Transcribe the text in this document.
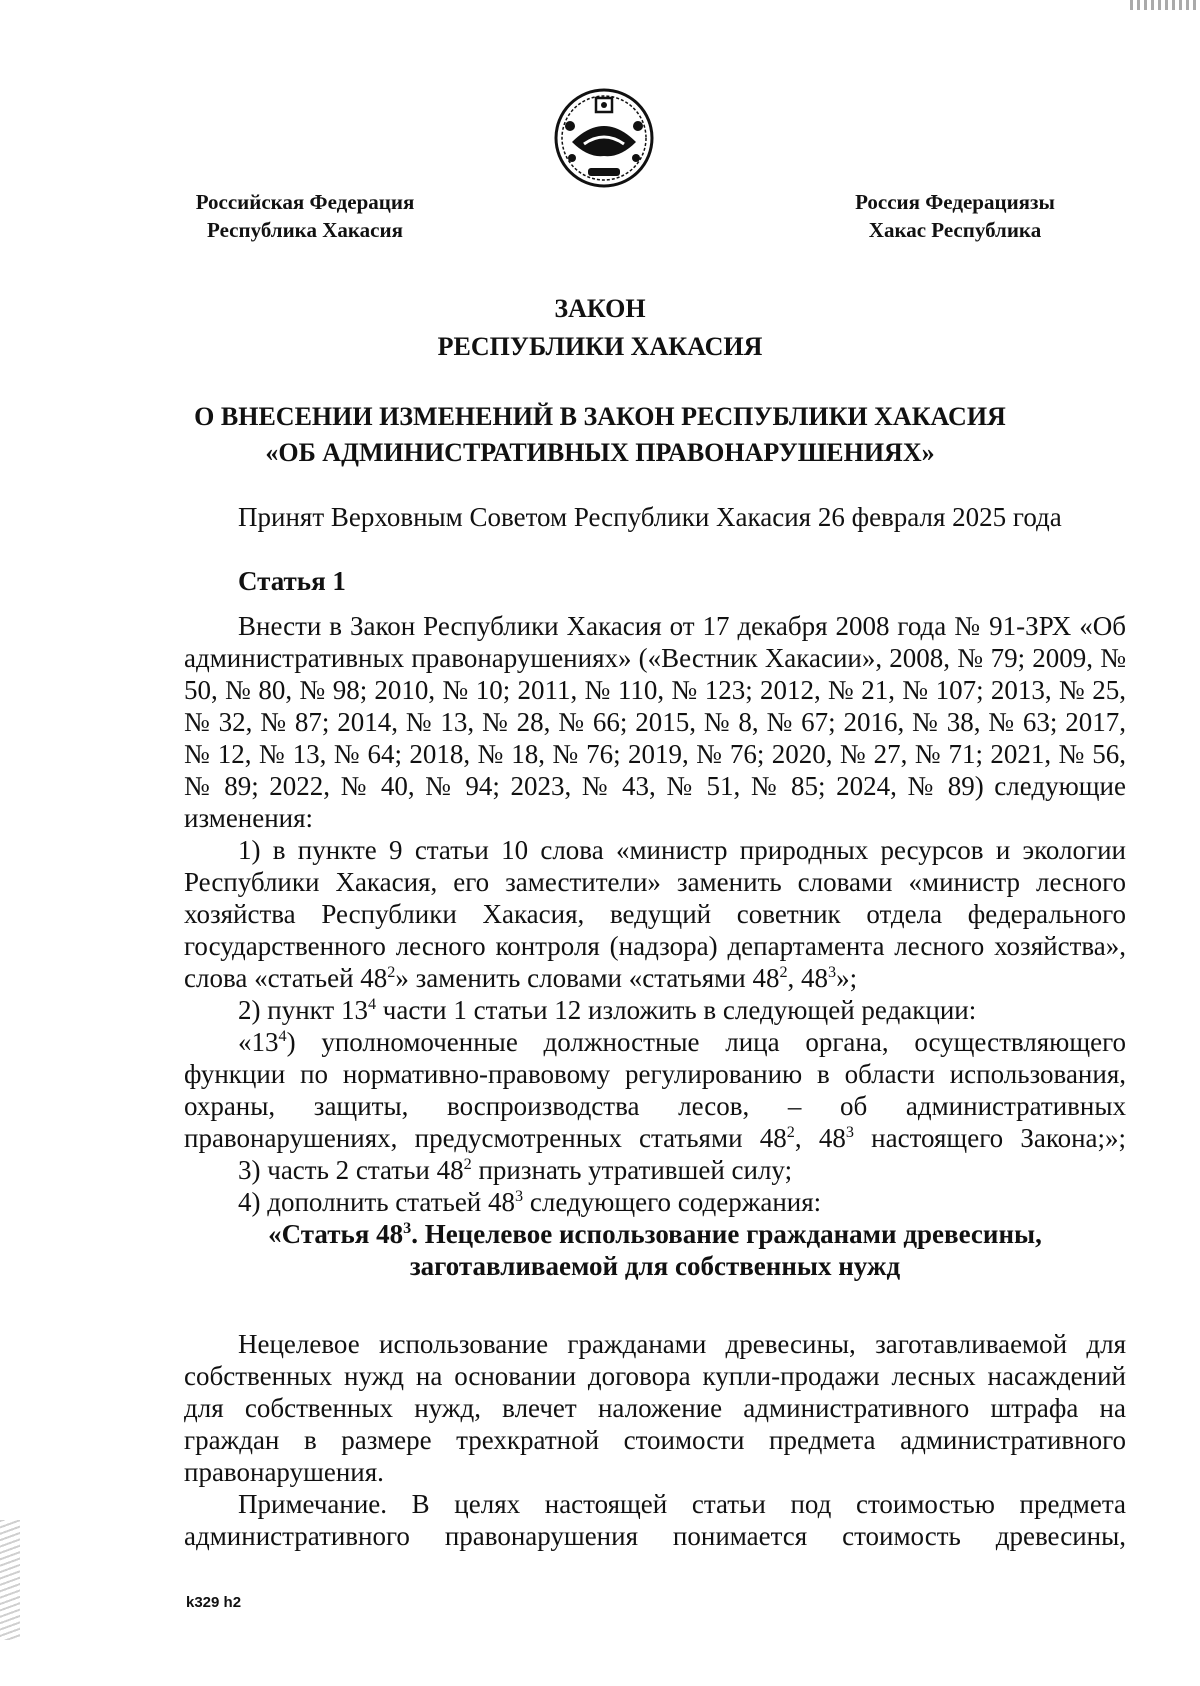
Российская Федерация
Республика Хакасия
Россия Федерациязы
Хакас Республика
ЗАКОН
РЕСПУБЛИКИ ХАКАСИЯ
О ВНЕСЕНИИ ИЗМЕНЕНИЙ В ЗАКОН РЕСПУБЛИКИ ХАКАСИЯ
«ОБ АДМИНИСТРАТИВНЫХ ПРАВОНАРУШЕНИЯХ»
Принят Верховным Советом Республики Хакасия 26 февраля 2025 года
Статья 1

Внести в Закон Республики Хакасия от 17 декабря 2008 года № 91-ЗРХ «Об административных правонарушениях» («Вестник Хакасии», 2008, № 79; 2009, № 50, № 80, № 98; 2010, № 10; 2011, № 110, № 123; 2012, № 21, № 107; 2013, № 25, № 32, № 87; 2014, № 13, № 28, № 66; 2015, № 8, № 67; 2016, № 38, № 63; 2017, № 12, № 13, № 64; 2018, № 18, № 76; 2019, № 76; 2020, № 27, № 71; 2021, № 56, № 89; 2022, № 40, № 94; 2023, № 43, № 51, № 85; 2024, № 89) следующие изменения:

1) в пункте 9 статьи 10 слова «министр природных ресурсов и экологии Республики Хакасия, его заместители» заменить словами «министр лесного хозяйства Республики Хакасия, ведущий советник отдела федерального государственного лесного контроля (надзора) департамента лесного хозяйства», слова «статьей $48^2$» заменить словами «статьями $48^2$, $48^3$»;

2) пункт $13^4$ части 1 статьи 12 изложить в следующей редакции:

«$13^4$) уполномоченные должностные лица органа, осуществляющего функции по нормативно-правовому регулированию в области использования, охраны, защиты, воспроизводства лесов, – об административных правонарушениях, предусмотренных статьями $48^2$, $48^3$ настоящего Закона;»;

3) часть 2 статьи $48^2$ признать утратившей силу;

4) дополнить статьей $48^3$ следующего содержания:

«Статья $48^3$. Нецелевое использование гражданами древесины,

заготавливаемой для собственных нужд

Нецелевое использование гражданами древесины, заготавливаемой для собственных нужд на основании договора купли-продажи лесных насаждений для собственных нужд, влечет наложение административного штрафа на граждан в размере трехкратной стоимости предмета административного правонарушения.

Примечание. В целях настоящей статьи под стоимостью предмета административного правонарушения понимается стоимость древесины,

k329 h2
